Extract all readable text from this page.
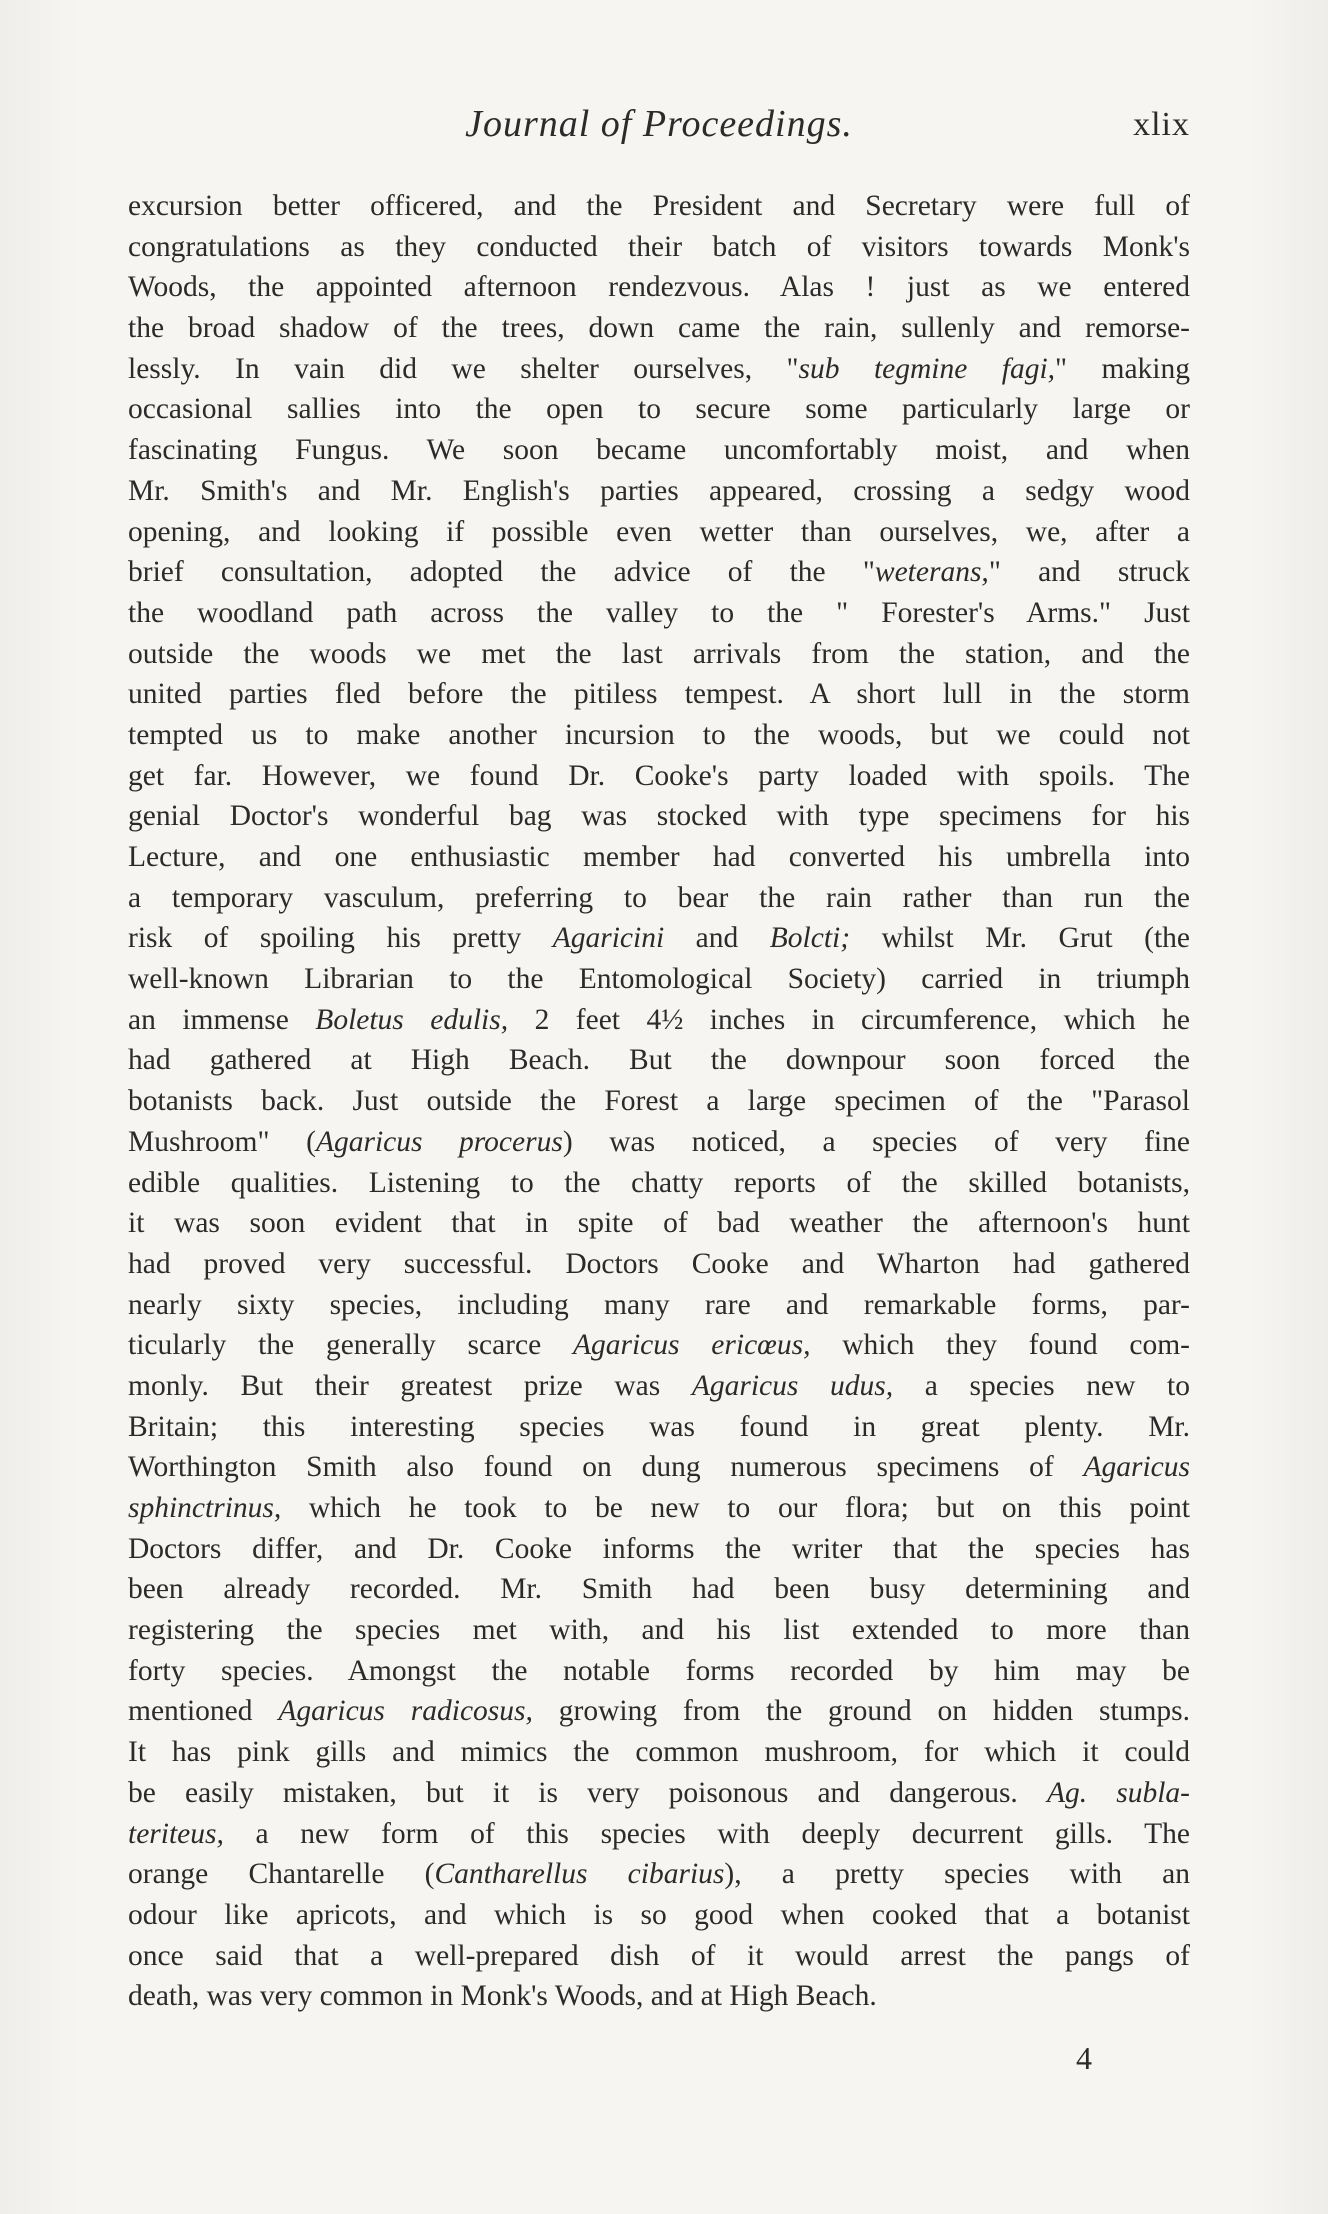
Journal of Proceedings.	xlix
excursion better officered, and the President and Secretary were full of
congratulations as they conducted their batch of visitors towards Monk's
Woods, the appointed afternoon rendezvous. Alas ! just as we entered
the broad shadow of the trees, down came the rain, sullenly and remorse-
lessly. In vain did we shelter ourselves, "sub tegmine fagi," making
occasional sallies into the open to secure some particularly large or
fascinating Fungus. We soon became uncomfortably moist, and when
Mr. Smith's and Mr. English's parties appeared, crossing a sedgy wood
opening, and looking if possible even wetter than ourselves, we, after a
brief consultation, adopted the advice of the "weterans," and struck
the woodland path across the valley to the " Forester's Arms." Just
outside the woods we met the last arrivals from the station, and the
united parties fled before the pitiless tempest. A short lull in the storm
tempted us to make another incursion to the woods, but we could not
get far. However, we found Dr. Cooke's party loaded with spoils. The
genial Doctor's wonderful bag was stocked with type specimens for his
Lecture, and one enthusiastic member had converted his umbrella into
a temporary vasculum, preferring to bear the rain rather than run the
risk of spoiling his pretty Agaricini and Bolcti; whilst Mr. Grut (the
well-known Librarian to the Entomological Society) carried in triumph
an immense Boletus edulis, 2 feet 4½ inches in circumference, which he
had gathered at High Beach. But the downpour soon forced the
botanists back. Just outside the Forest a large specimen of the "Parasol
Mushroom" (Agaricus procerus) was noticed, a species of very fine
edible qualities. Listening to the chatty reports of the skilled botanists,
it was soon evident that in spite of bad weather the afternoon's hunt
had proved very successful. Doctors Cooke and Wharton had gathered
nearly sixty species, including many rare and remarkable forms, par-
ticularly the generally scarce Agaricus ericœus, which they found com-
monly. But their greatest prize was Agaricus udus, a species new to
Britain; this interesting species was found in great plenty. Mr.
Worthington Smith also found on dung numerous specimens of Agaricus
sphinctrinus, which he took to be new to our flora; but on this point
Doctors differ, and Dr. Cooke informs the writer that the species has
been already recorded. Mr. Smith had been busy determining and
registering the species met with, and his list extended to more than
forty species. Amongst the notable forms recorded by him may be
mentioned Agaricus radicosus, growing from the ground on hidden stumps.
It has pink gills and mimics the common mushroom, for which it could
be easily mistaken, but it is very poisonous and dangerous. Ag. subla-
teriteus, a new form of this species with deeply decurrent gills. The
orange Chantarelle (Cantharellus cibarius), a pretty species with an
odour like apricots, and which is so good when cooked that a botanist
once said that a well-prepared dish of it would arrest the pangs of
death, was very common in Monk's Woods, and at High Beach.
4
